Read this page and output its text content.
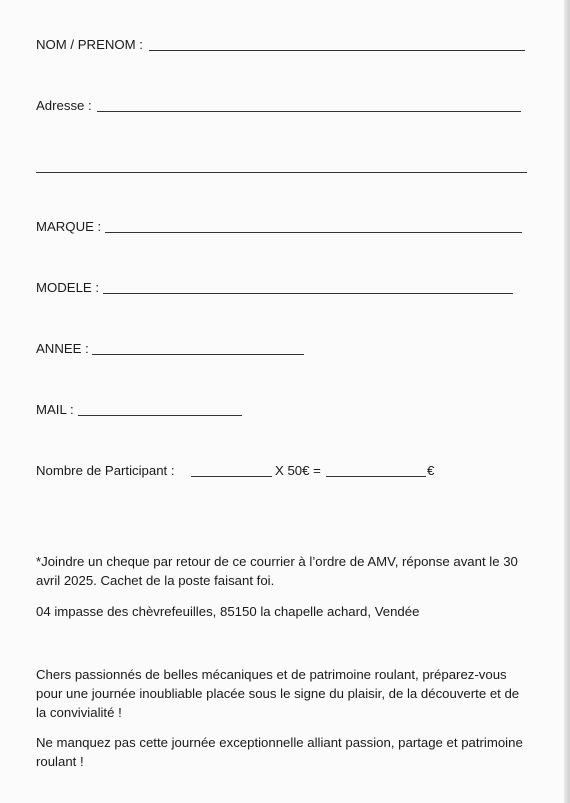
NOM / PRENOM :
Adresse :
MARQUE :
MODELE :
ANNEE :
MAIL :
Nombre de Participant :	X 50€ =	€
*Joindre un cheque par retour de ce courrier à l’ordre de AMV, réponse avant le 30 avril 2025. Cachet de la poste faisant foi.
04 impasse des chèvrefeuilles, 85150 la chapelle achard, Vendée
Chers passionnés de belles mécaniques et de patrimoine roulant, préparez-vous pour une journée inoubliable placée sous le signe du plaisir, de la découverte et de la convivialité !
Ne manquez pas cette journée exceptionnelle alliant passion, partage et patrimoine roulant !
